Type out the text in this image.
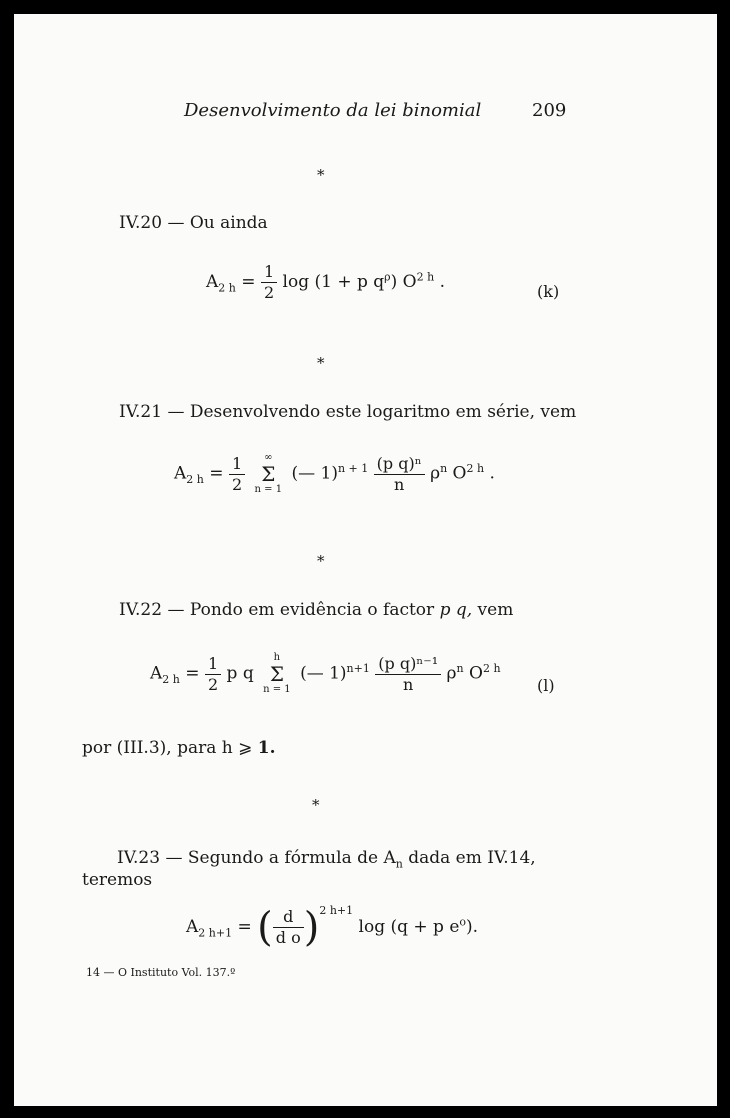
Desenvolvimento da lei binomial	209
*
IV.20 — Ou ainda
$A_{2 h} = \frac{1}{2}$ log (1 + p $q^\rho$) $O^{2 h}$ .	(k)
*
IV.21 — Desenvolvendo este logaritmo em série, vem
$A_{2 h} = \frac{1}{2}$ ∞
Σ
n = 1 (— $1)^{n + 1} \frac{\text{(p q)ⁿ}}{n} \rho^n$ $O^{2 h}$ .
*
IV.22 — Pondo em evidência o factor p q, vem
$A_{2 h} = \frac{1}{2}$ p q h
Σ
n = 1 (— $1)^{n+1} \frac{\text{(p q)ⁿ⁻¹}}{n} \rho^n$ $O^{2 h}$
(l)
por (III.3), para h ⩾ 1.
*
IV.23 — Segundo a fórmula de $A_n$ dada em IV.14,
teremos
$A_{2 h+1}$ = ( $\frac{d}{\text{d o}} )^{2 h+1}$ log (q + p $e^o$).
14 — O Instituto Vol. 137.º
